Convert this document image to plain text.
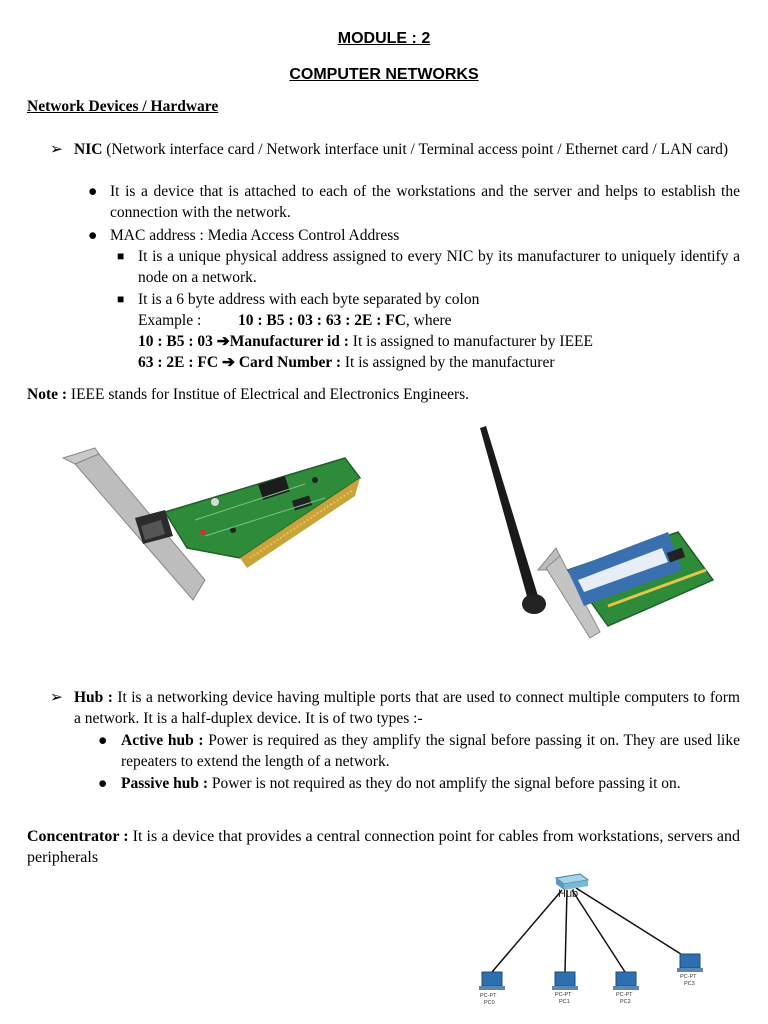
MODULE : 2
COMPUTER NETWORKS
Network Devices / Hardware
➢ NIC (Network interface card / Network interface unit / Terminal access point / Ethernet card / LAN card)
● It is a device that is attached to each of the workstations and the server and helps to establish the connection with the network.
● MAC address : Media Access Control Address
■ It is a unique physical address assigned to every NIC by its manufacturer to uniquely identify a node on a network.
■ It is a 6 byte address with each byte separated by colon
Example : 10 : B5 : 03 : 63 : 2E : FC, where
10 : B5 : 03 ➔Manufacturer id : It is assigned to manufacturer by IEEE
63 : 2E : FC ➔ Card Number : It is assigned by the manufacturer
Note : IEEE stands for Institue of Electrical and Electronics Engineers.
➢ Hub : It is a networking device having multiple ports that are used to connect multiple computers to form a network. It is a half-duplex device. It is of two types :-
● Active hub : Power is required as they amplify the signal before passing it on. They are used like repeaters to extend the length of a network.
● Passive hub : Power is not required as they do not amplify the signal before passing it on.
Concentrator : It is a device that provides a central connection point for cables from workstations, servers and peripherals
Hub
PC-PT
PC0
PC-PT
PC1
PC-PT
PC2
PC-PT
PC3
